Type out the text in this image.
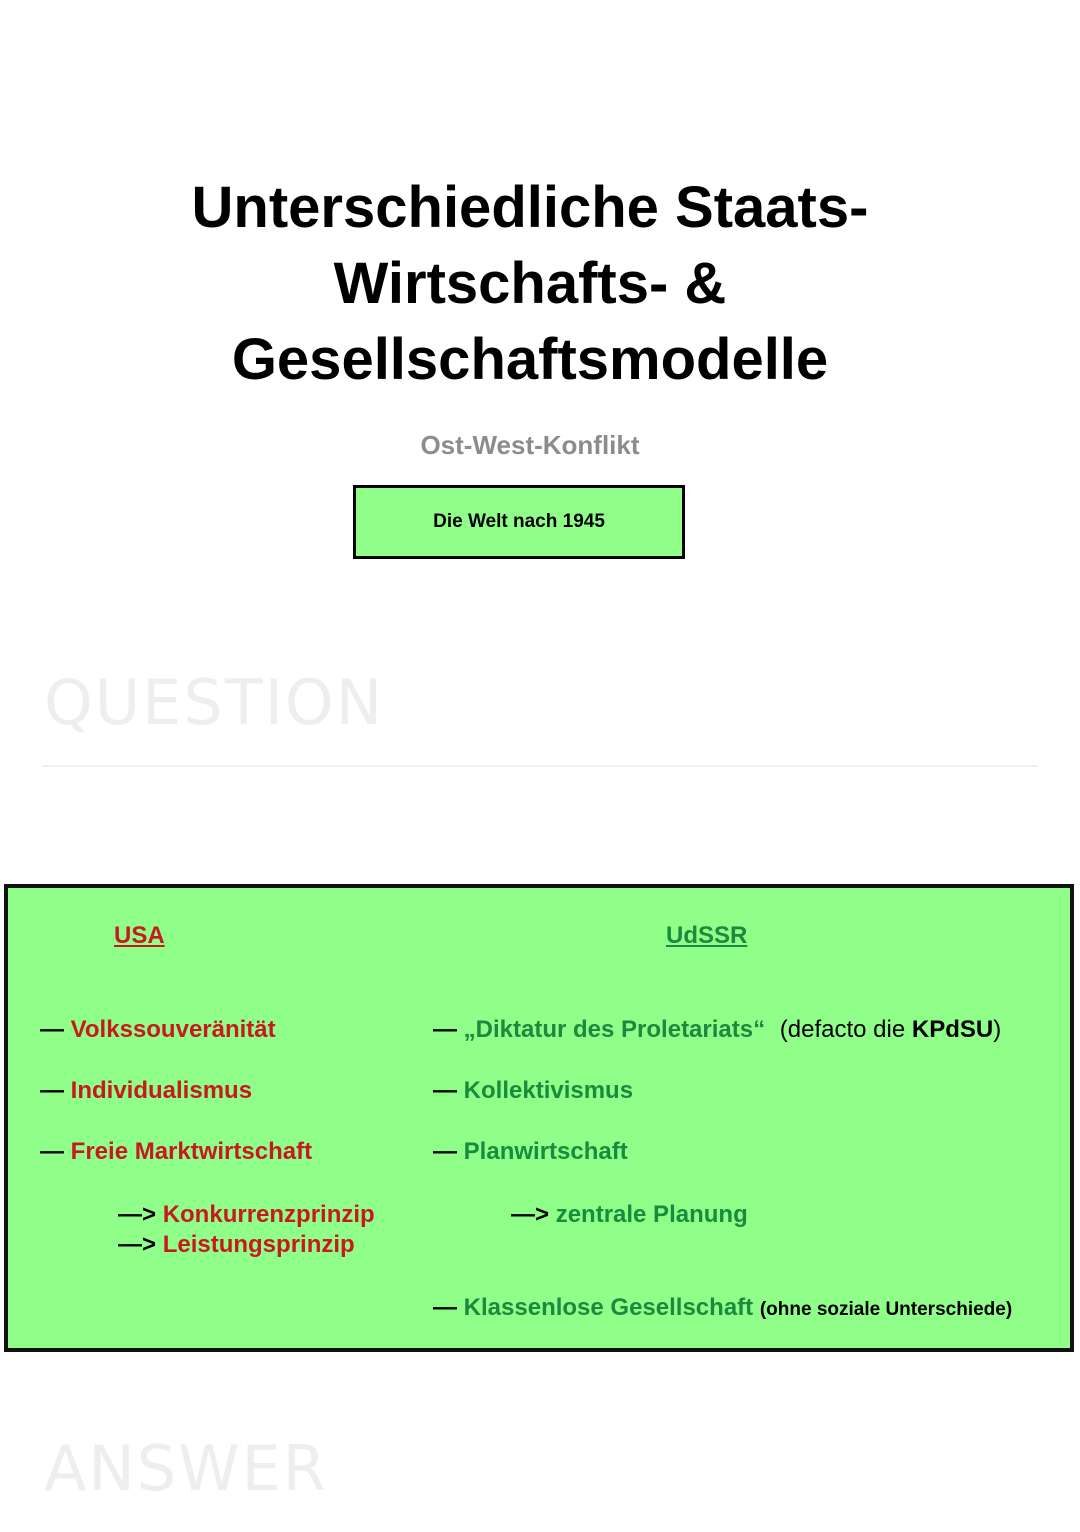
Unterschiedliche Staats-
Wirtschafts- &
Gesellschaftsmodelle
Ost-West-Konflikt
Die Welt nach 1945
QUESTION
USA
— Volkssouveränität
— Individualismus
— Freie Marktwirtschaft
—> Konkurrenzprinzip
—> Leistungsprinzip
UdSSR
— „Diktatur des Proletariats“ (defacto die KPdSU)
— Kollektivismus
— Planwirtschaft
—> zentrale Planung
— Klassenlose Gesellschaft (ohne soziale Unterschiede)
ANSWER
